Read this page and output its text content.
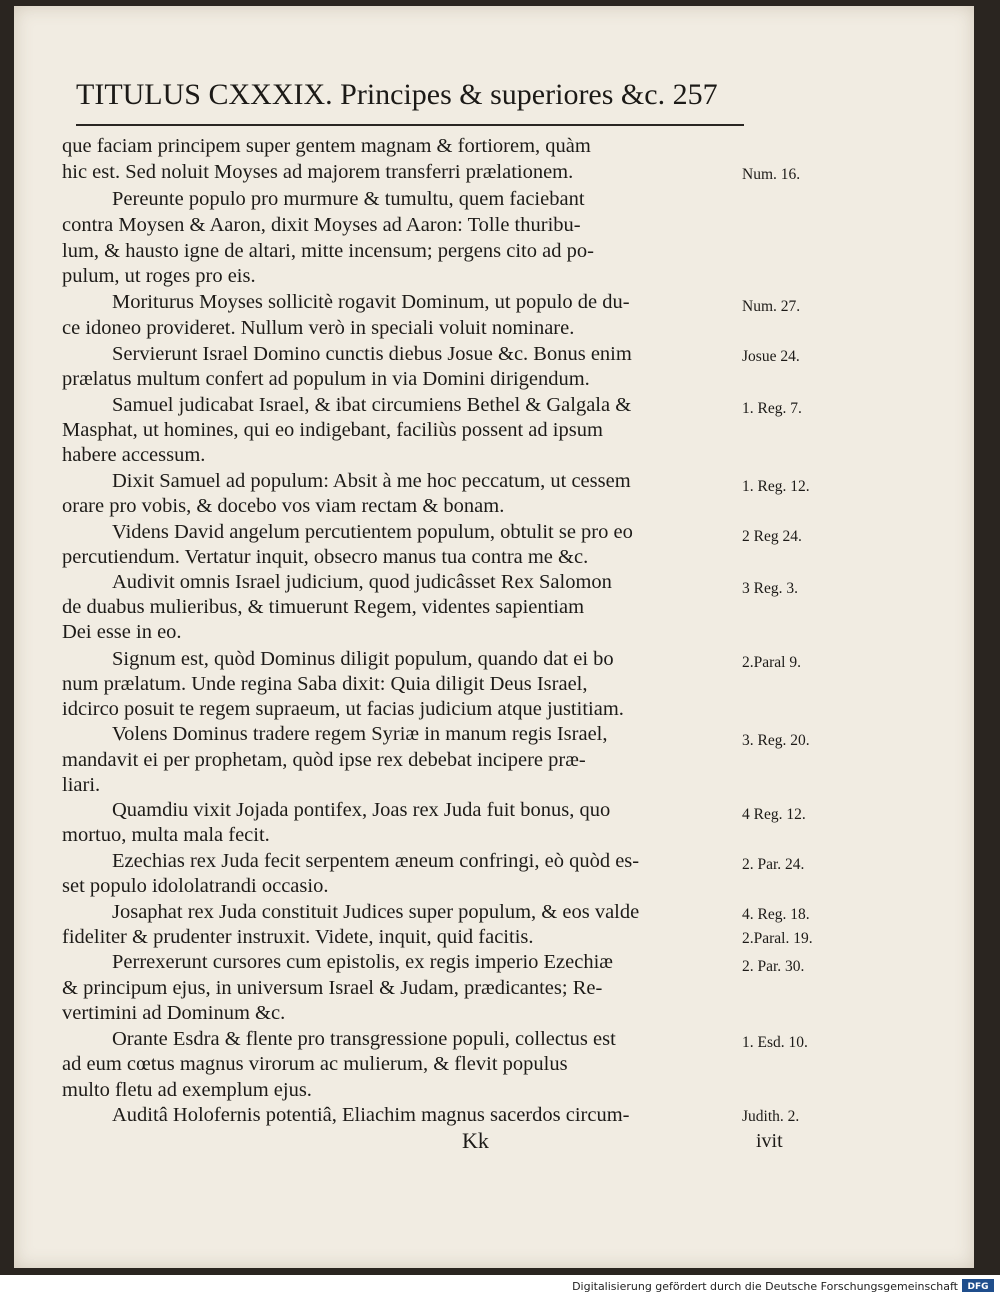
TITULUS CXXXIX. Principes & superiores &c. 257
que faciam principem super gentem magnam & fortiorem, quàm
hic est. Sed noluit Moyses ad majorem transferri prælationem.
Pereunte populo pro murmure & tumultu, quem faciebant
contra Moysen & Aaron, dixit Moyses ad Aaron: Tolle thuribu-
lum, & hausto igne de altari, mitte incensum; pergens cito ad po-
pulum, ut roges pro eis.
Moriturus Moyses sollicitè rogavit Dominum, ut populo de du-
ce idoneo provideret. Nullum verò in speciali voluit nominare.
Servierunt Israel Domino cunctis diebus Josue &c. Bonus enim
prælatus multum confert ad populum in via Domini dirigendum.
Samuel judicabat Israel, & ibat circumiens Bethel & Galgala &
Masphat, ut homines, qui eo indigebant, faciliùs possent ad ipsum
habere accessum.
Dixit Samuel ad populum: Absit à me hoc peccatum, ut cessem
orare pro vobis, & docebo vos viam rectam & bonam.
Videns David angelum percutientem populum, obtulit se pro eo
percutiendum. Vertatur inquit, obsecro manus tua contra me &c.
Audivit omnis Israel judicium, quod judicâsset Rex Salomon
de duabus mulieribus, & timuerunt Regem, videntes sapientiam
Dei esse in eo.
Signum est, quòd Dominus diligit populum, quando dat ei bo
num prælatum. Unde regina Saba dixit: Quia diligit Deus Israel,
idcirco posuit te regem supraeum, ut facias judicium atque justitiam.
Volens Dominus tradere regem Syriæ in manum regis Israel,
mandavit ei per prophetam, quòd ipse rex debebat incipere præ-
liari.
Quamdiu vixit Jojada pontifex, Joas rex Juda fuit bonus, quo
mortuo, multa mala fecit.
Ezechias rex Juda fecit serpentem æneum confringi, eò quòd es-
set populo idololatrandi occasio.
Josaphat rex Juda constituit Judices super populum, & eos valde
fideliter & prudenter instruxit. Videte, inquit, quid facitis.
Perrexerunt cursores cum epistolis, ex regis imperio Ezechiæ
& principum ejus, in universum Israel & Judam, prædicantes; Re-
vertimini ad Dominum &c.
Orante Esdra & flente pro transgressione populi, collectus est
ad eum cœtus magnus virorum ac mulierum, & flevit populus
multo fletu ad exemplum ejus.
Auditâ Holofernis potentiâ, Eliachim magnus sacerdos circum-
Num. 16.
Num. 27.
Josue 24.
1. Reg. 7.
1. Reg. 12.
2 Reg 24.
3 Reg. 3.
2.Paral 9.
3. Reg. 20.
4 Reg. 12.
2. Par. 24.
4. Reg. 18.
2.Paral. 19.
2. Par. 30.
1. Esd. 10.
Judith. 2.
Kk	ivit
Digitalisierung gefördert durch die Deutsche Forschungsgemeinschaft DFG
